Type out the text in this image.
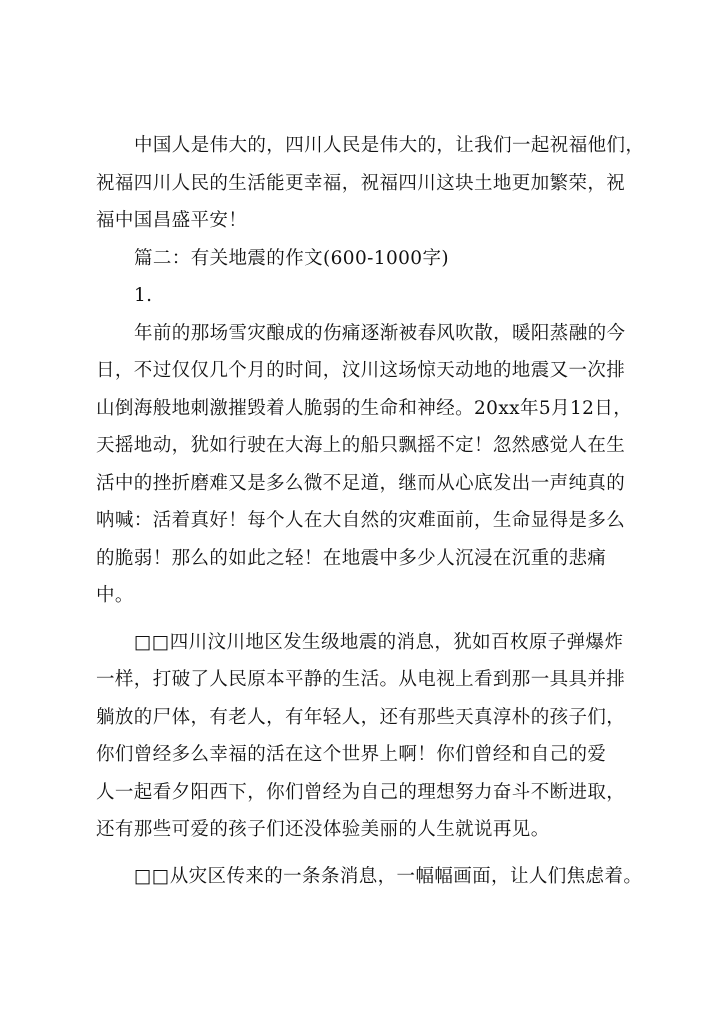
中国人是伟大的，四川人民是伟大的，让我们一起祝福他们，
祝福四川人民的生活能更幸福，祝福四川这块土地更加繁荣，祝
福中国昌盛平安！
篇二：有关地震的作文(600-1000字)
1.
年前的那场雪灾酿成的伤痛逐渐被春风吹散，暖阳蒸融的今
日，不过仅仅几个月的时间，汶川这场惊天动地的地震又一次排
山倒海般地刺激摧毁着人脆弱的生命和神经。20xx年5月12日，
天摇地动，犹如行驶在大海上的船只飘摇不定！忽然感觉人在生
活中的挫折磨难又是多么微不足道，继而从心底发出一声纯真的
呐喊：活着真好！每个人在大自然的灾难面前，生命显得是多么
的脆弱！那么的如此之轻！在地震中多少人沉浸在沉重的悲痛
中。
□□四川汶川地区发生级地震的消息，犹如百枚原子弹爆炸
一样，打破了人民原本平静的生活。从电视上看到那一具具并排
躺放的尸体，有老人，有年轻人，还有那些天真淳朴的孩子们，
你们曾经多么幸福的活在这个世界上啊！你们曾经和自己的爱
人一起看夕阳西下，你们曾经为自己的理想努力奋斗不断进取，
还有那些可爱的孩子们还没体验美丽的人生就说再见。
□□从灾区传来的一条条消息，一幅幅画面，让人们焦虑着。
